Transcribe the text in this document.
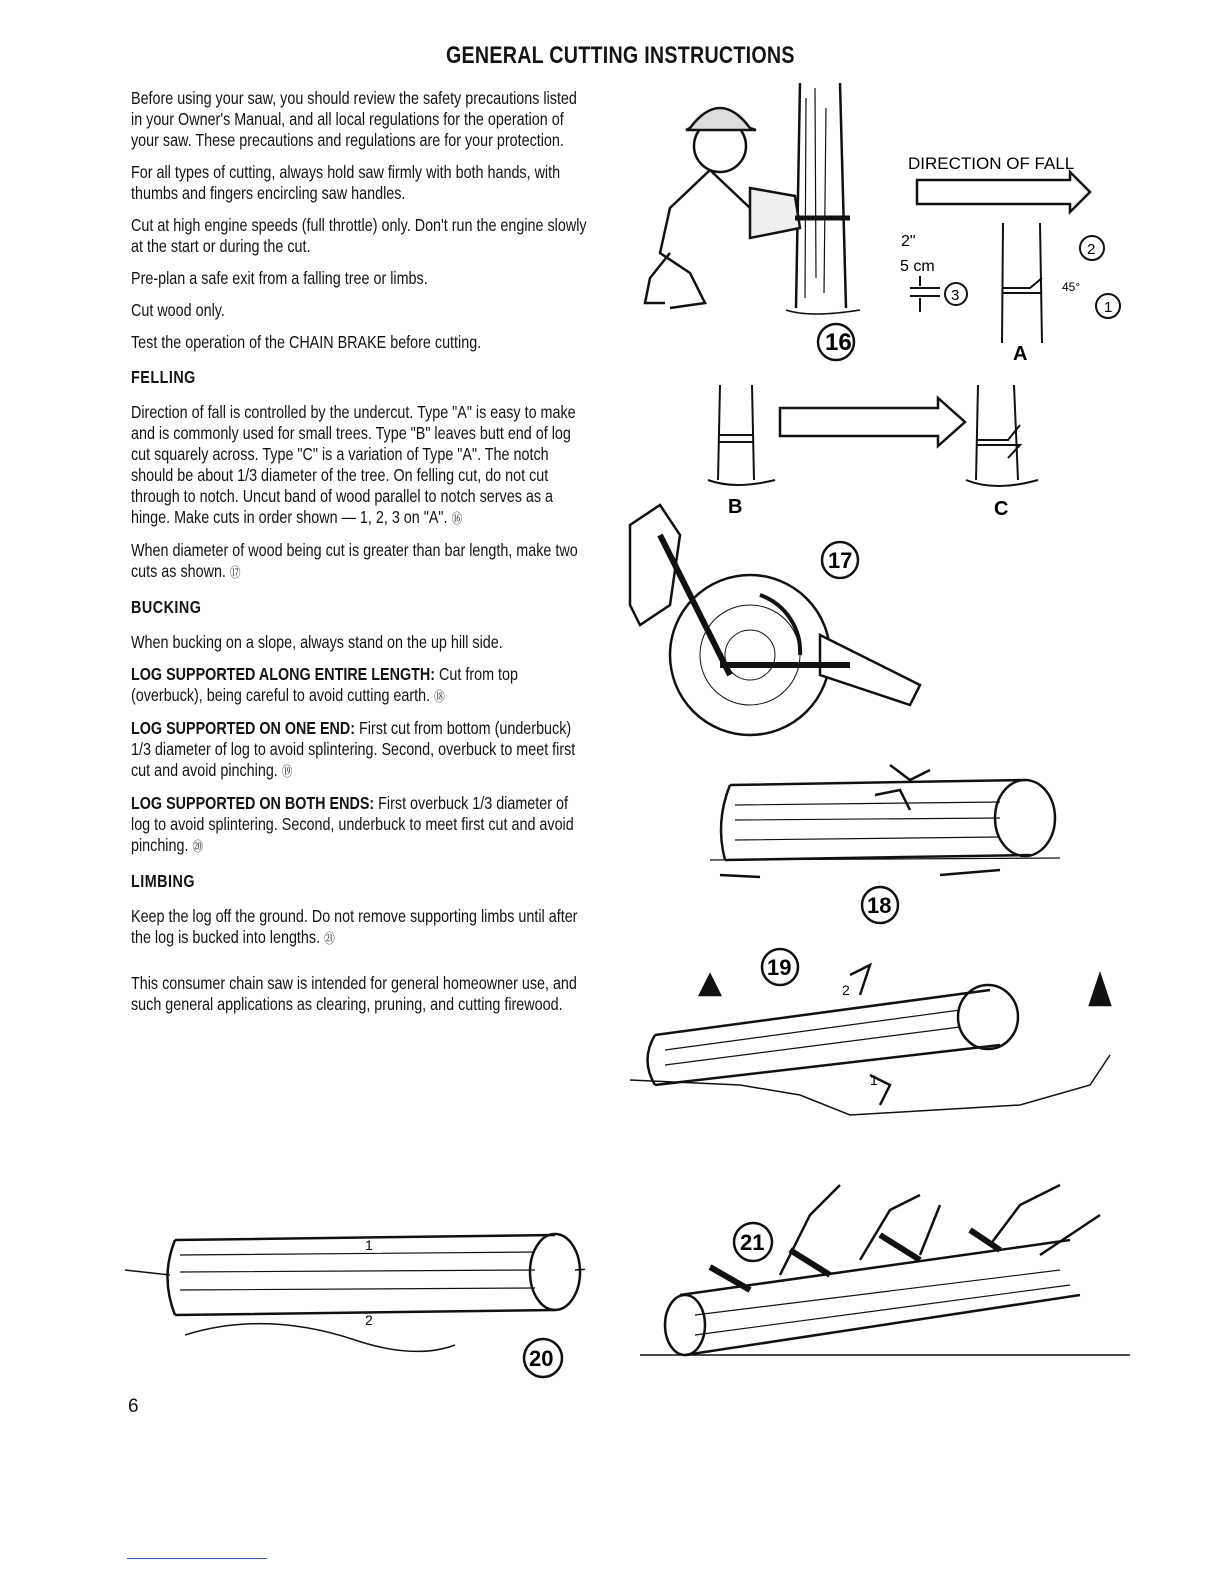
GENERAL CUTTING INSTRUCTIONS

Before using your saw, you should review the safety precautions listed in your Owner's Manual, and all local regulations for the operation of your saw. These precautions and regulations are for your protection.

For all types of cutting, always hold saw firmly with both hands, with thumbs and fingers encircling saw handles.

Cut at high engine speeds (full throttle) only. Don't run the engine slowly at the start or during the cut.

Pre-plan a safe exit from a falling tree or limbs.

Cut wood only.

Test the operation of the CHAIN BRAKE before cutting.

FELLING

Direction of fall is controlled by the undercut. Type "A" is easy to make and is commonly used for small trees. Type "B" leaves butt end of log cut squarely across. Type "C" is a variation of Type "A". The notch should be about 1/3 diameter of the tree. On felling cut, do not cut through to notch. Uncut band of wood parallel to notch serves as a hinge. Make cuts in order shown — 1, 2, 3 on "A". ⑯

When diameter of wood being cut is greater than bar length, make two cuts as shown. ⑰

BUCKING

When bucking on a slope, always stand on the up hill side.

LOG SUPPORTED ALONG ENTIRE LENGTH: Cut from top (overbuck), being careful to avoid cutting earth. ⑱

LOG SUPPORTED ON ONE END: First cut from bottom (underbuck) 1/3 diameter of log to avoid splintering. Second, overbuck to meet first cut and avoid pinching. ⑲

LOG SUPPORTED ON BOTH ENDS: First overbuck 1/3 diameter of log to avoid splintering. Second, underbuck to meet first cut and avoid pinching. ⑳

LIMBING

Keep the log off the ground. Do not remove supporting limbs until after the log is bucked into lengths. ㉑

This consumer chain saw is intended for general homeowner use, and such general applications as clearing, pruning, and cutting firewood.

16
DIRECTION OF FALL
2"
5 cm
3
2
1
45°
A
B	C
17
18
19
2
1
1
2
20
21
6
